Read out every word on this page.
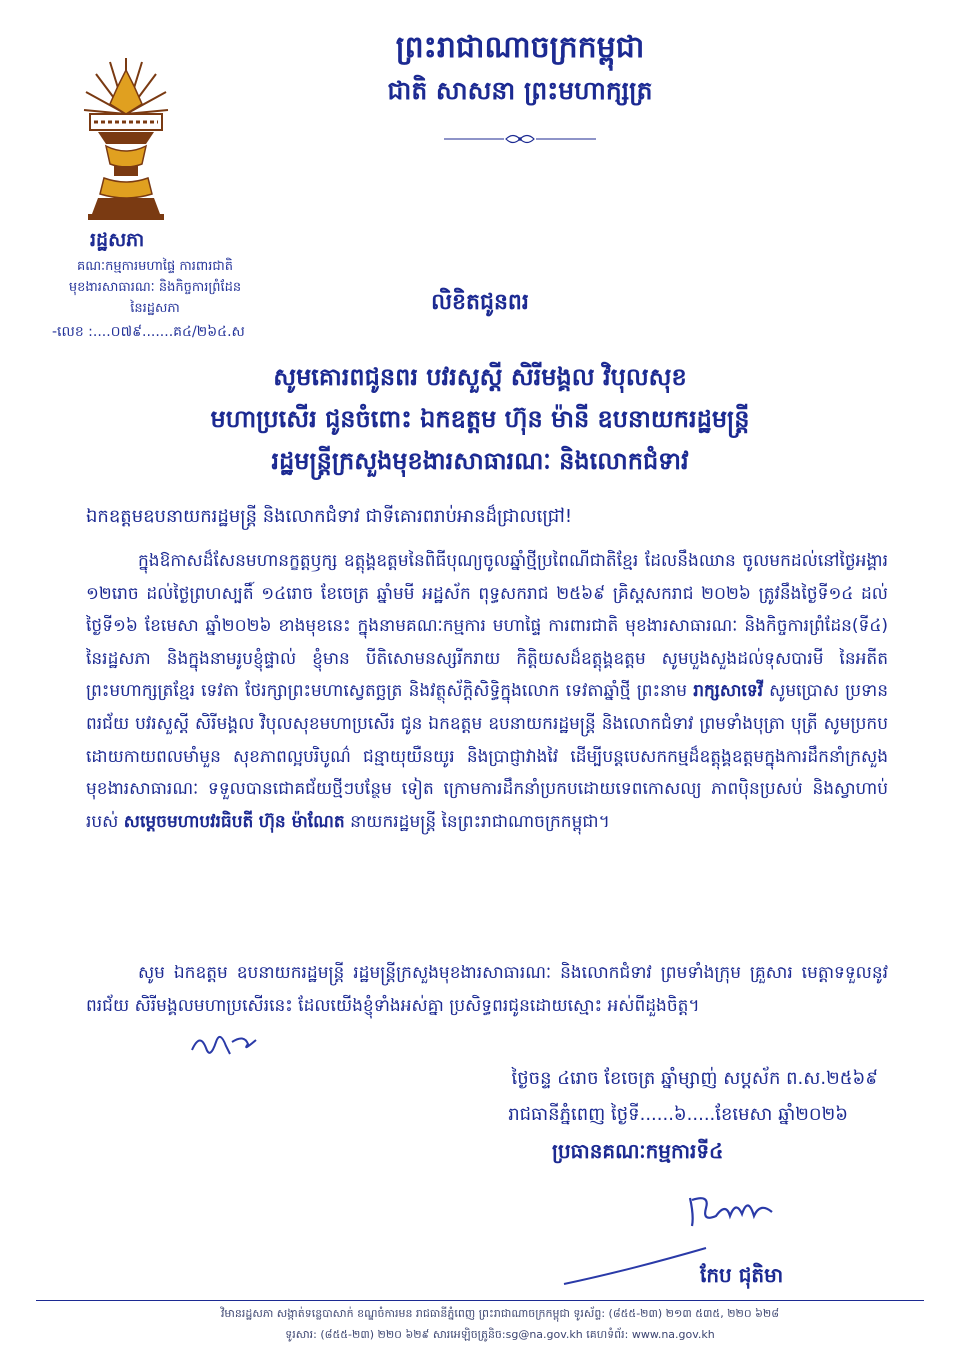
ព្រះរាជាណាចក្រកម្ពុជា
ជាតិ សាសនា ព្រះមហាក្សត្រ
រដ្ឋសភា
គណៈកម្មការមហាផ្ទៃ ការពារជាតិ
មុខងារសាធារណៈ និងកិច្ចការព្រំដែន
នៃរដ្ឋសភា
-លេខ :....០៧៩.......គ៤/២៦៤.ស
លិខិតជូនពរ
សូមគោរពជូនពរ បវរសួស្តី សិរីមង្គល វិបុលសុខ
មហាប្រសើរ ជូនចំពោះ ឯកឧត្តម ហ៊ុន ម៉ានី ឧបនាយករដ្ឋមន្ត្រី
រដ្ឋមន្ត្រីក្រសួងមុខងារសាធារណៈ និងលោកជំទាវ
ឯកឧត្តមឧបនាយករដ្ឋមន្ត្រី និងលោកជំទាវ ជាទីគោរពរាប់អានដ៏ជ្រាលជ្រៅ!
ក្នុងឱកាសដ៏សែនមហានក្ខត្តឫក្ស ឧត្តុង្គឧត្តមនៃពិធីបុណ្យចូលឆ្នាំថ្មីប្រពៃណីជាតិខ្មែរ ដែលនឹងឈាន ចូលមកដល់នៅថ្ងៃអង្គារ ១២រោច ដល់ថ្ងៃព្រហស្បតិ៍ ១៤រោច ខែចេត្រ ឆ្នាំមមី អដ្ឋស័ក ពុទ្ធសករាជ ២៥៦៩ គ្រិស្តសករាជ ២០២៦ ត្រូវនឹងថ្ងៃទី១៤ ដល់ថ្ងៃទី១៦ ខែមេសា ឆ្នាំ២០២៦ ខាងមុខនេះ ក្នុងនាមគណៈកម្មការ មហាផ្ទៃ ការពារជាតិ មុខងារសាធារណៈ និងកិច្ចការព្រំដែន(ទី៤) នៃរដ្ឋសភា និងក្នុងនាមរូបខ្ញុំផ្ទាល់ ខ្ញុំមាន បីតិសោមនស្សរីករាយ កិត្តិយសដ៏ឧត្តុង្គឧត្តម សូមបួងសួងដល់ទុសបារមី នៃអតីតព្រះមហាក្សត្រខ្មែរ ទេវតា ថែរក្សាព្រះមហាស្វេតច្ឆត្រ និងវត្ថុស័ក្តិសិទ្ធិក្នុងលោក ទេវតាឆ្នាំថ្មី ព្រះនាម រាក្សសាទេវី សូមប្រោស ប្រទានពរជ័យ បវរសួស្តី សិរីមង្គល វិបុលសុខមហាប្រសើរ ជូន ឯកឧត្តម ឧបនាយករដ្ឋមន្ត្រី និងលោកជំទាវ ព្រមទាំងបុត្រា បុត្រី សូមប្រកបដោយកាយពលមាំមួន សុខភាពល្អបរិបូណ៌ ជន្មាយុយឺនយូរ និងប្រាជ្ញាវាងវៃ ដើម្បីបន្តបេសកកម្មដ៏ឧត្តុង្គឧត្តមក្នុងការដឹកនាំក្រសួងមុខងារសាធារណៈ ទទួលបានជោគជ័យថ្មីៗបន្ថែម ទៀត ក្រោមការដឹកនាំប្រកបដោយទេពកោសល្យ ភាពប៉ិនប្រសប់ និងស្វាហាប់ របស់ សម្តេចមហាបវរធិបតី ហ៊ុន ម៉ាណែត នាយករដ្ឋមន្ត្រី នៃព្រះរាជាណាចក្រកម្ពុជា។
សូម ឯកឧត្តម ឧបនាយករដ្ឋមន្ត្រី រដ្ឋមន្ត្រីក្រសួងមុខងារសាធារណៈ និងលោកជំទាវ ព្រមទាំងក្រុម គ្រួសារ មេត្តាទទួលនូវពរជ័យ សិរីមង្គលមហាប្រសើរនេះ ដែលយើងខ្ញុំទាំងអស់គ្នា ប្រសិទ្ធពរជូនដោយស្មោះ អស់ពីដួងចិត្ត។
ថ្ងៃចន្ទ ៤រោច ខែចេត្រ ឆ្នាំម្សាញ់ សប្តស័ក ព.ស.២៥៦៩
រាជធានីភ្នំពេញ ថ្ងៃទី......៦.....ខែមេសា ឆ្នាំ២០២៦
ប្រធានគណៈកម្មការទី៤
កែប ជុតិមា
វិមានរដ្ឋសភា សង្កាត់ទន្លេបាសាក់ ខណ្ឌចំការមន រាជធានីភ្នំពេញ ព្រះរាជាណាចក្រកម្ពុជា ទូរស័ព្ទ: (៨៥៥-២៣) ២១៣ ៥៣៥, ២២០ ៦២៨
ទូរសារ: (៨៥៥-២៣) ២២០ ៦២៩ សារអេឡិចត្រូនិច:sg@na.gov.kh គេហទំព័រ: www.na.gov.kh
